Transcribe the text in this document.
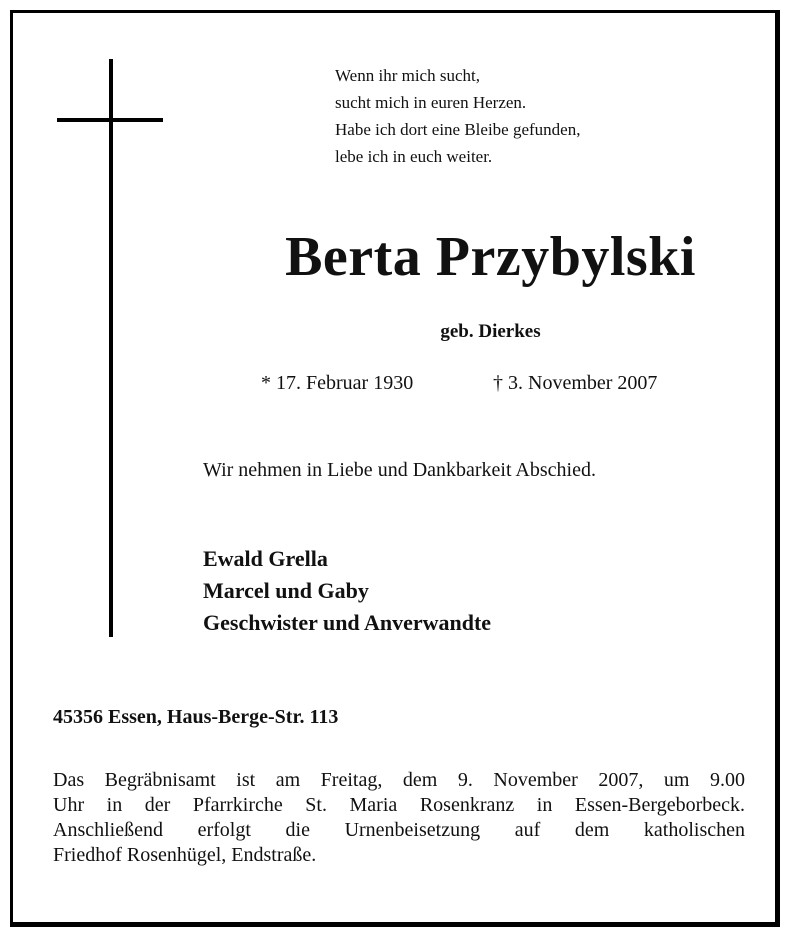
Wenn ihr mich sucht,
sucht mich in euren Herzen.
Habe ich dort eine Bleibe gefunden,
lebe ich in euch weiter.
Berta Przybylski
geb. Dierkes
* 17. Februar 1930	† 3. November 2007
Wir nehmen in Liebe und Dankbarkeit Abschied.
Ewald Grella
Marcel und Gaby
Geschwister und Anverwandte
45356 Essen, Haus-Berge-Str. 113
Das Begräbnisamt ist am Freitag, dem 9. November 2007, um 9.00
Uhr in der Pfarrkirche St. Maria Rosenkranz in Essen-Bergeborbeck.
Anschließend erfolgt die Urnenbeisetzung auf dem katholischen
Friedhof Rosenhügel, Endstraße.
